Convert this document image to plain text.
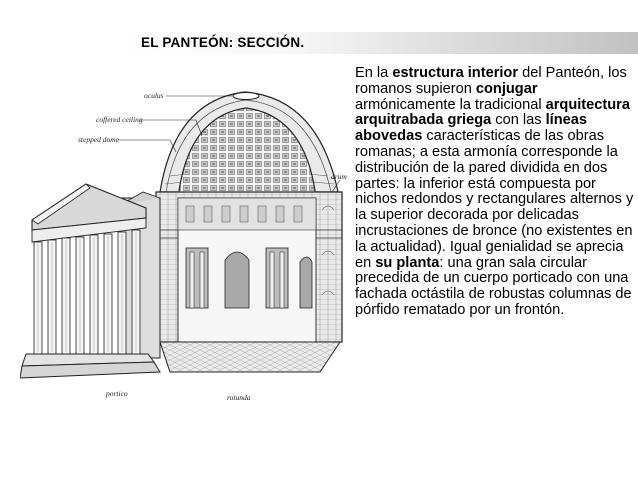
EL PANTEÓN: SECCIÓN.
oculus
coffered ceiling
stepped dome
drum
portico	rotunda

En la estructura interior del Panteón, los romanos supieron conjugar armónicamente la tradicional arquitectura arquitrabada griega con las líneas abovedas características de las obras romanas; a esta armonía corresponde la distribución de la pared dividida en dos partes: la inferior está compuesta por nichos redondos y rectangulares alternos y la superior decorada por delicadas incrustaciones de bronce (no existentes en la actualidad). Igual genialidad se aprecia en su planta: una gran sala circular precedida de un cuerpo porticado con una fachada octástila de robustas columnas de pórfido rematado por un frontón.
